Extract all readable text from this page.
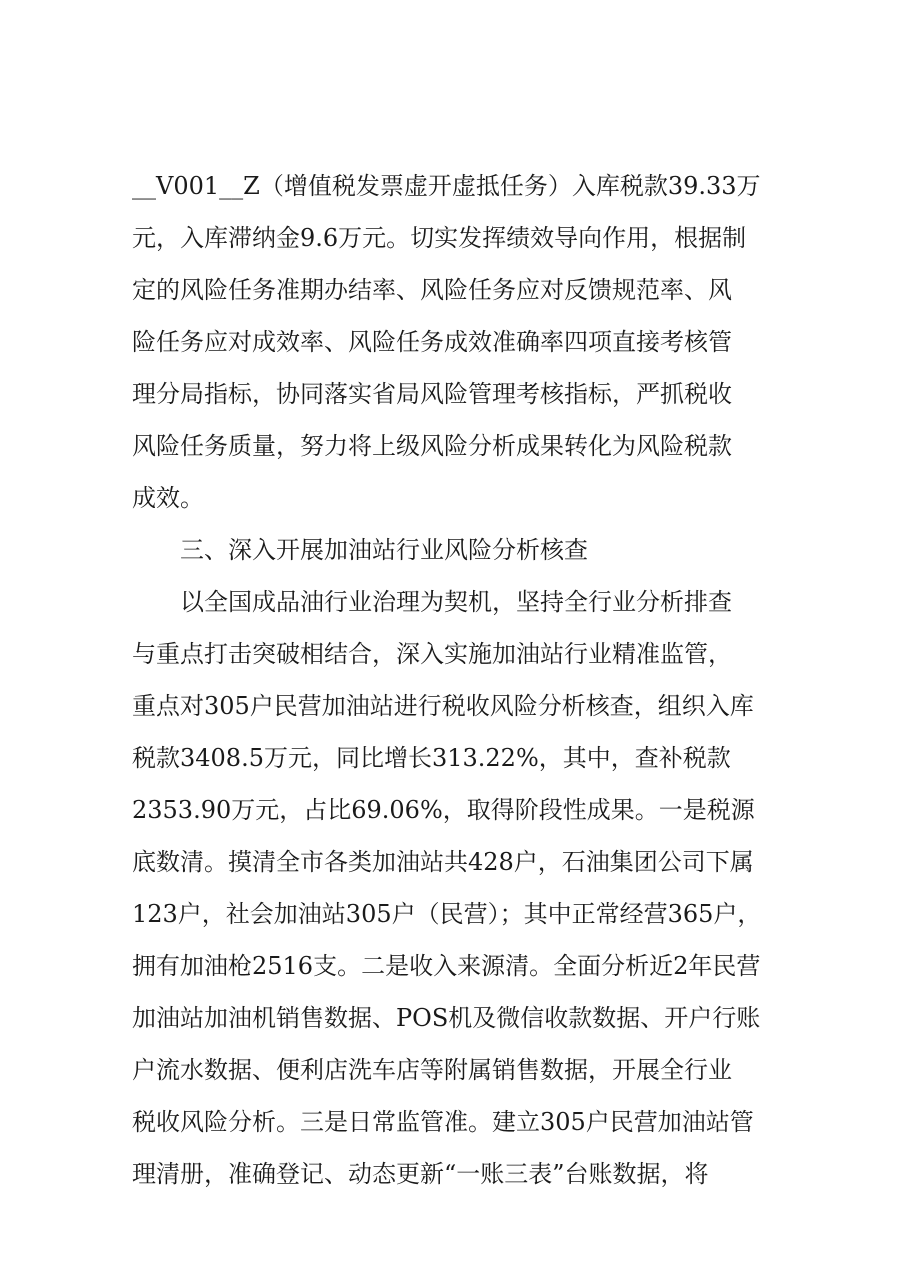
__V001__Z（增值税发票虚开虚抵任务）入库税款39.33万
元，入库滞纳金9.6万元。切实发挥绩效导向作用，根据制
定的风险任务准期办结率、风险任务应对反馈规范率、风
险任务应对成效率、风险任务成效准确率四项直接考核管
理分局指标，协同落实省局风险管理考核指标，严抓税收
风险任务质量，努力将上级风险分析成果转化为风险税款
成效。
三、深入开展加油站行业风险分析核查
以全国成品油行业治理为契机，坚持全行业分析排查
与重点打击突破相结合，深入实施加油站行业精准监管，
重点对305户民营加油站进行税收风险分析核查，组织入库
税款3408.5万元，同比增长313.22%，其中，查补税款
2353.90万元，占比69.06%，取得阶段性成果。一是税源
底数清。摸清全市各类加油站共428户，石油集团公司下属
123户，社会加油站305户（民营）；其中正常经营365户，
拥有加油枪2516支。二是收入来源清。全面分析近2年民营
加油站加油机销售数据、POS机及微信收款数据、开户行账
户流水数据、便利店洗车店等附属销售数据，开展全行业
税收风险分析。三是日常监管准。建立305户民营加油站管
理清册，准确登记、动态更新“一账三表”台账数据，将
